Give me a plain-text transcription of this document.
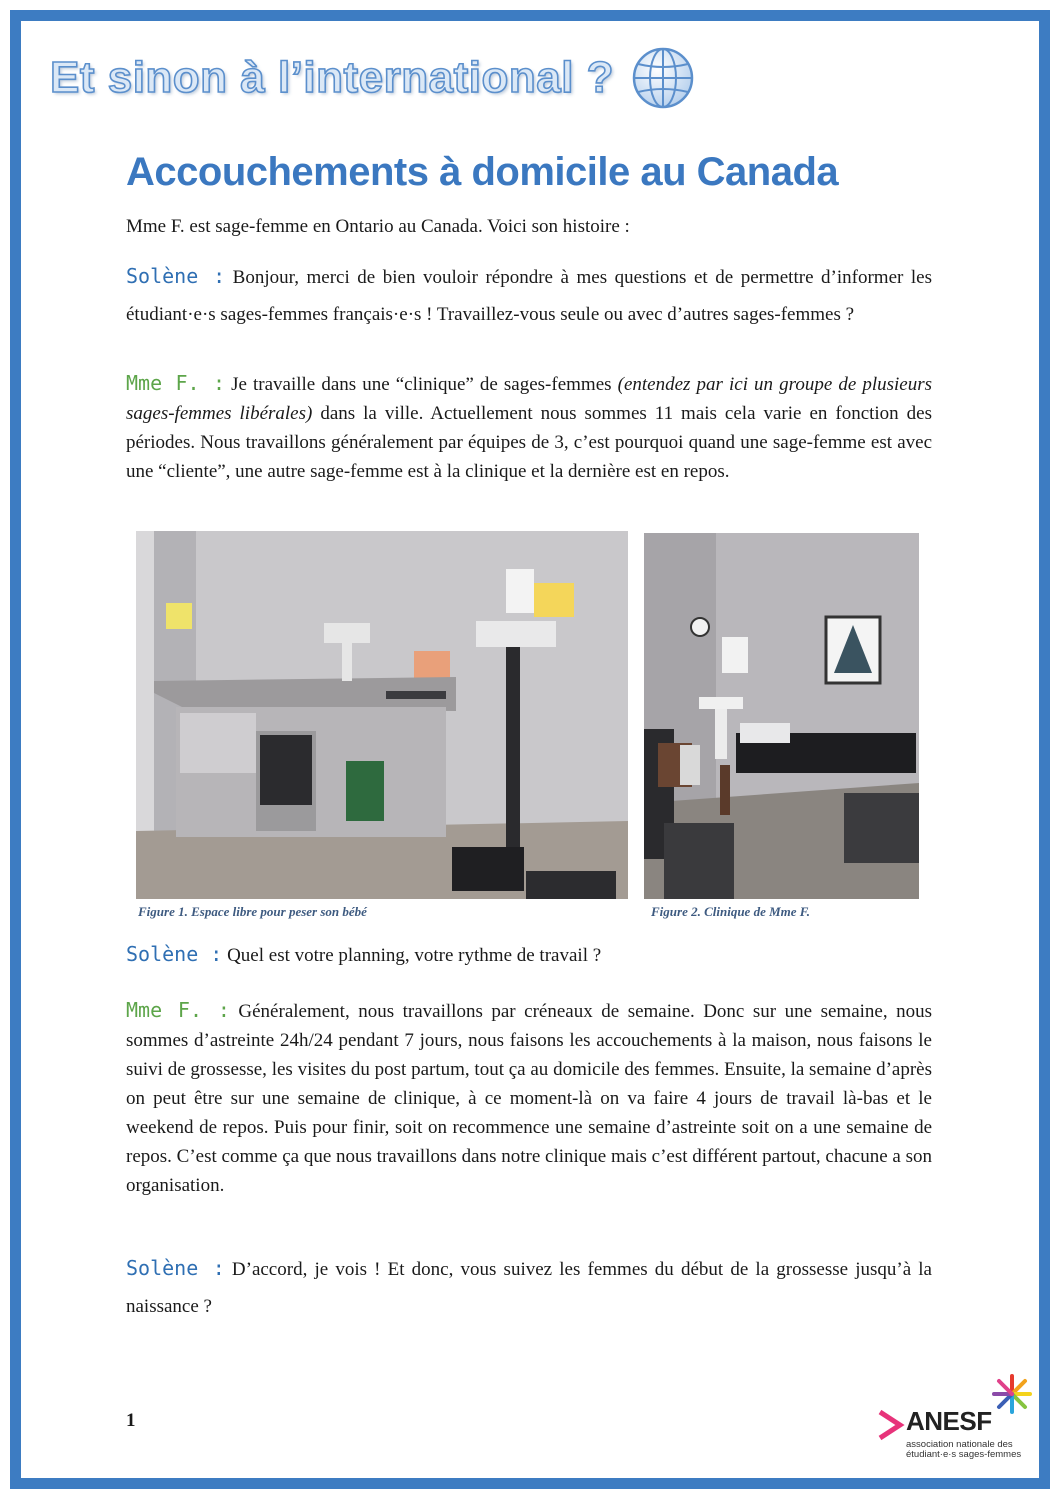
Et sinon à l’international ?
Accouchements à domicile au Canada

Mme F. est sage-femme en Ontario au Canada. Voici son histoire :

Solène : Bonjour, merci de bien vouloir répondre à mes questions et de permettre d’informer les étudiant·e·s sages-femmes français·e·s ! Travaillez-vous seule ou avec d’autres sages-femmes ?

Mme F. : Je travaille dans une “clinique” de sages-femmes (entendez par ici un groupe de plusieurs sages-femmes libérales) dans la ville. Actuellement nous sommes 11 mais cela varie en fonction des périodes. Nous travaillons généralement par équipes de 3, c’est pourquoi quand une sage-femme est avec une “cliente”, une autre sage-femme est à la clinique et la dernière est en repos.

Figure 1. Espace libre pour peser son bébé	Figure 2. Clinique de Mme F.

Solène : Quel est votre planning, votre rythme de travail ?

Mme F. : Généralement, nous travaillons par créneaux de semaine. Donc sur une semaine, nous sommes d’astreinte 24h/24 pendant 7 jours, nous faisons les accouchements à la maison, nous faisons le suivi de grossesse, les visites du post partum, tout ça au domicile des femmes. Ensuite, la semaine d’après on peut être sur une semaine de clinique, à ce moment-là on va faire 4 jours de travail là-bas et le weekend de repos. Puis pour finir, soit on recommence une semaine d’astreinte soit on a une semaine de repos. C’est comme ça que nous travaillons dans notre clinique mais c’est différent partout, chacune a son organisation.

Solène : D’accord, je vois ! Et donc, vous suivez les femmes du début de la grossesse jusqu’à la naissance ?

1	ANESF
association nationale des étudiant·e·s sages-femmes
